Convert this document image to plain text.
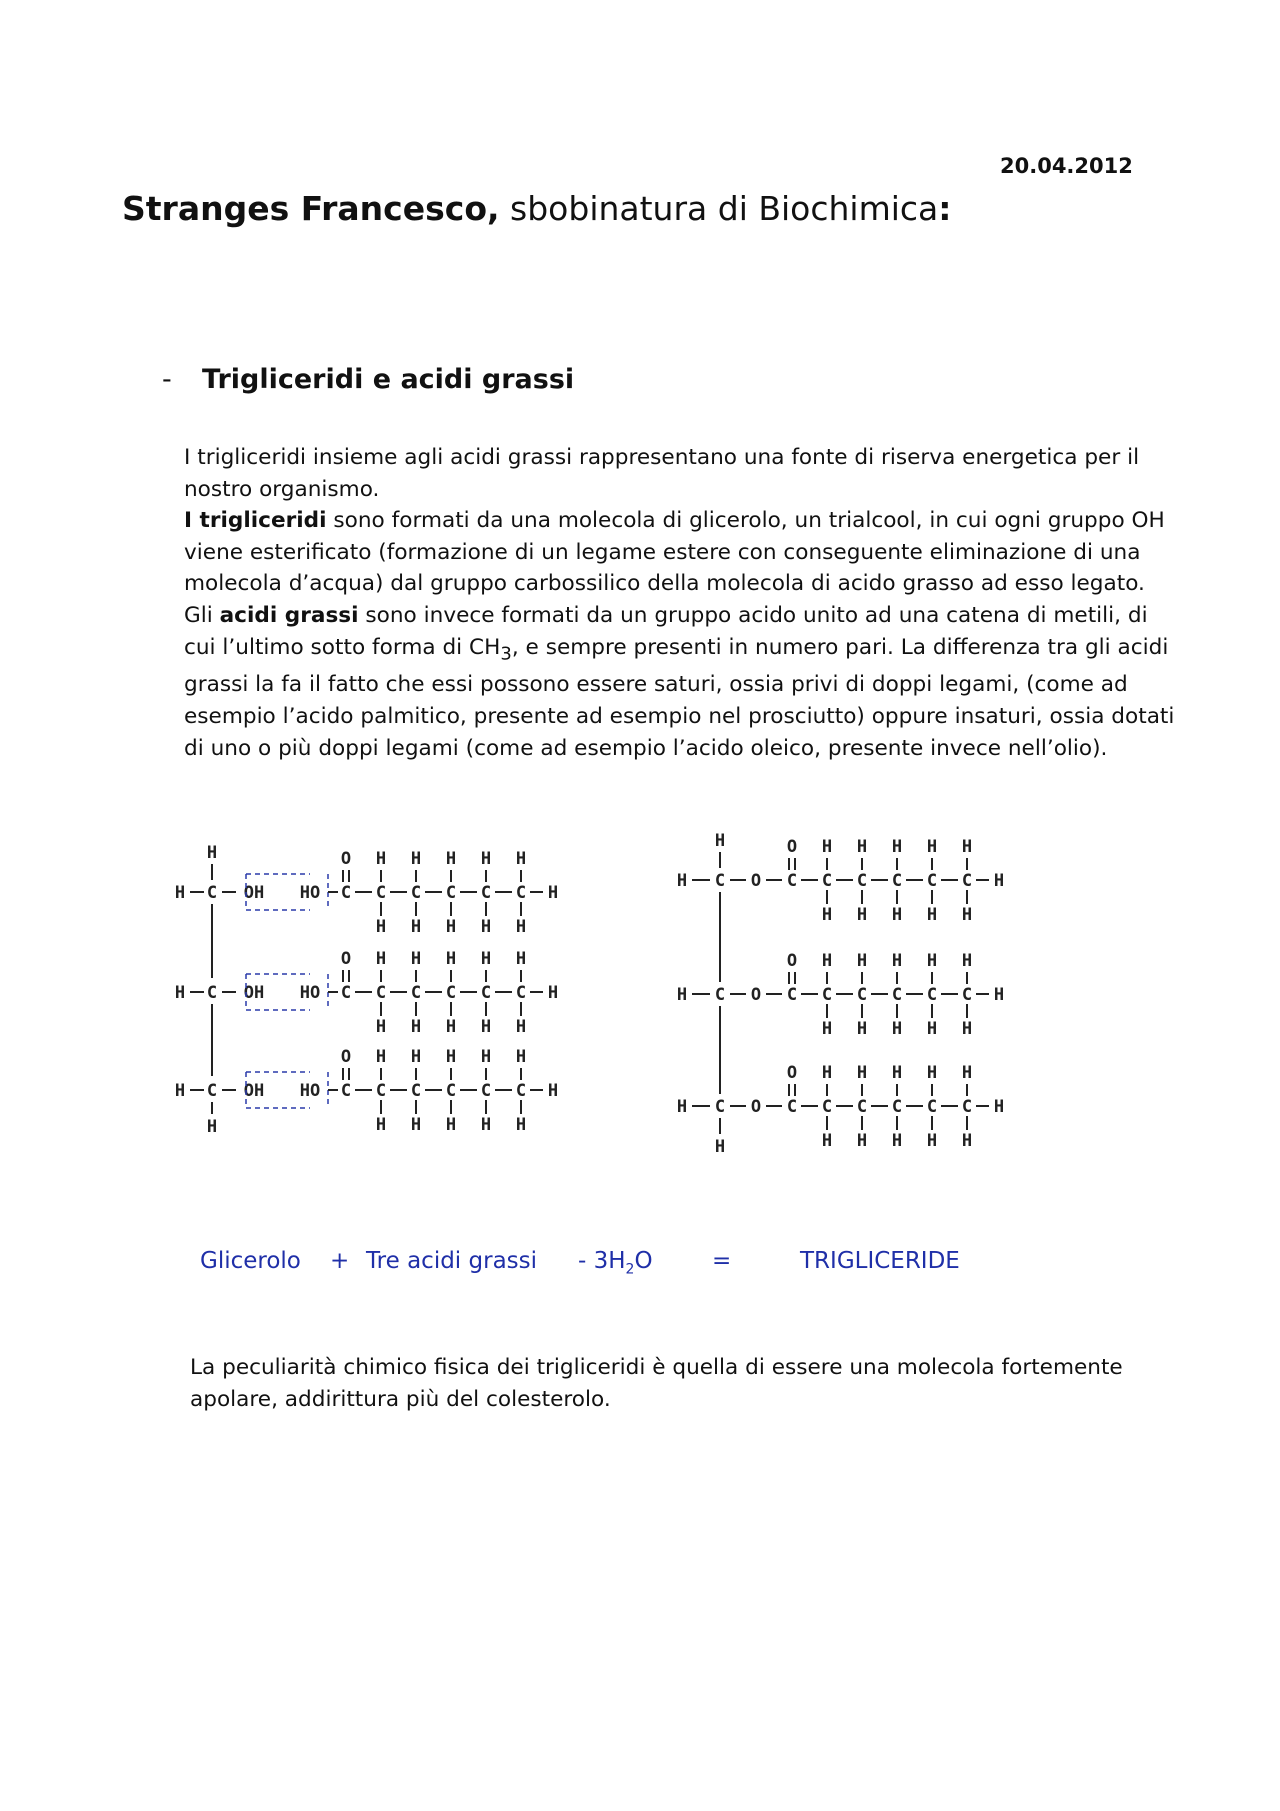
20.04.2012
Stranges Francesco, sbobinatura di Biochimica:
- Trigliceridi e acidi grassi

I trigliceridi insieme agli acidi grassi rappresentano una fonte di riserva energetica per il nostro organismo.

I trigliceridi sono formati da una molecola di glicerolo, un trialcool, in cui ogni gruppo OH viene esterificato (formazione di un legame estere con conseguente eliminazione di una molecola d’acqua) dal gruppo carbossilico della molecola di acido grasso ad esso legato.

Gli acidi grassi sono invece formati da un gruppo acido unito ad una catena di metili, di cui l’ultimo sotto forma di $CH_3$, e sempre presenti in numero pari. La differenza tra gli acidi grassi la fa il fatto che essi possono essere saturi, ossia privi di doppi legami, (come ad esempio l’acido palmitico, presente ad esempio nel prosciutto) oppure insaturi, ossia dotati di uno o più doppi legami (come ad esempio l’acido oleico, presente invece nell’olio).

H C OH HO C
O
C
H
H
C
H
H
C
H
H
C
H
H
C
H
H
H
H C OH HO C
O
C
H
H
C
H
H
C
H
H
C
H
H
C
H
H
H
H C OH HO C
O
C
H
H
C
H
H
C
H
H
C
H
H
C
H
H
H
H
H
H C O C
O
C
H
H
C
H
H
C
H
H
C
H
H
C
H
H
H
H C O C
O
C
H
H
C
H
H
C
H
H
C
H
H
C
H
H
H
H C O C
O
C
H
H
C
H
H
C
H
H
C
H
H
C
H
H
H
H
H
Glicerolo + Tre acidi grassi - $3H_2O$	=	TRIGLICERIDE

La peculiarità chimico fisica dei trigliceridi è quella di essere una molecola fortemente

apolare, addirittura più del colesterolo.
